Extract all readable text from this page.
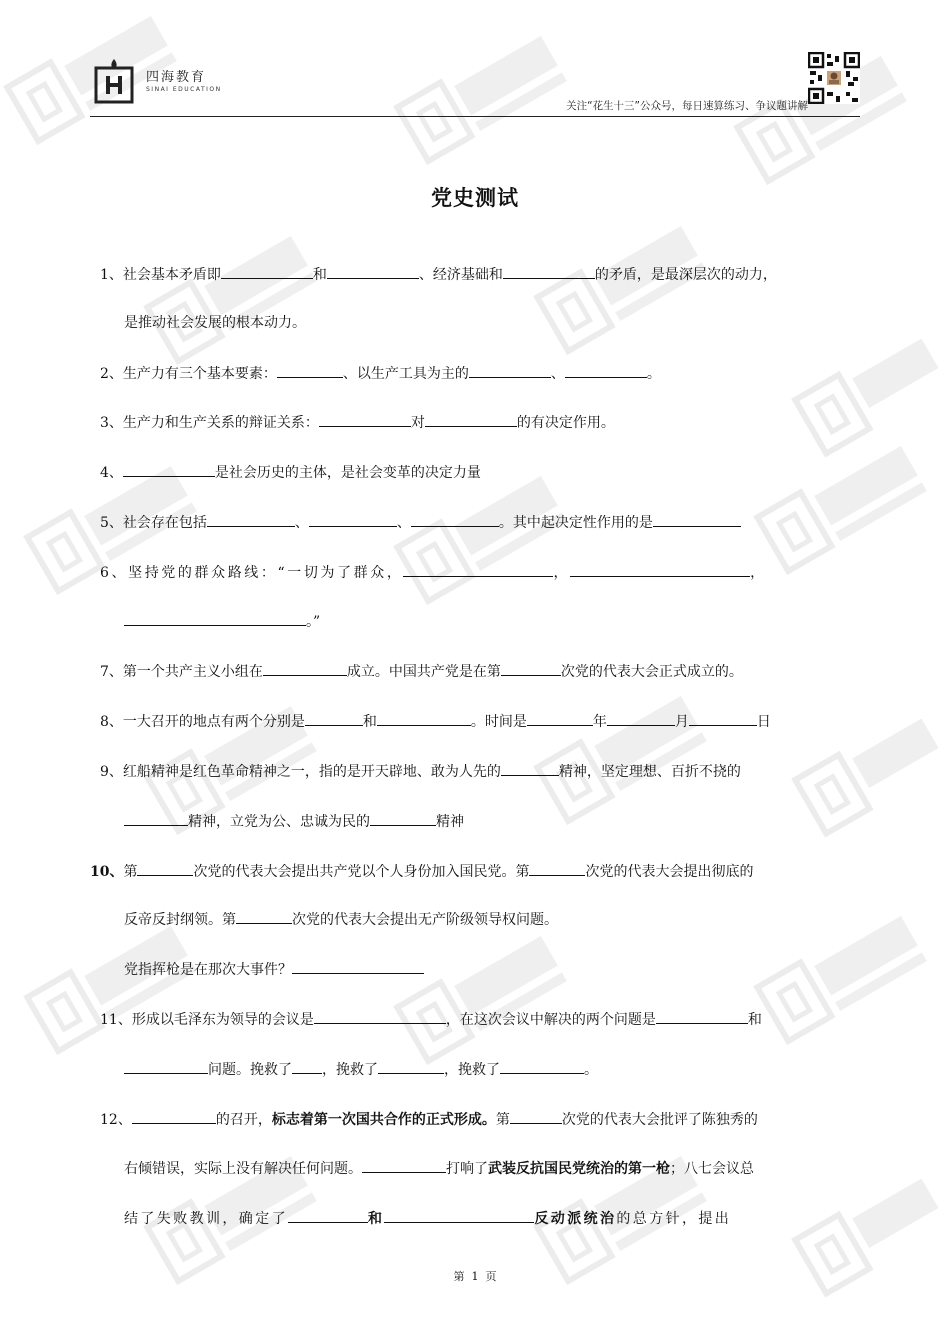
四海教育
SINAI EDUCATION
关注“花生十三”公众号，每日速算练习、争议题讲解
党史测试
1、社会基本矛盾即	和	、经济基础和	的矛盾，是最深层次的动力，
是推动社会发展的根本动力。
2、生产力有三个基本要素：	、以生产工具为主的	、	。
3、生产力和生产关系的辩证关系：	对	的有决定作用。
4、	是社会历史的主体，是社会变革的决定力量
5、社会存在包括	、	、	。其中起决定性作用的是
6、坚持党的群众路线：“一切为了群众，	，	，
。”
7、第一个共产主义小组在	成立。中国共产党是在第	次党的代表大会正式成立的。
8、一大召开的地点有两个分别是	和	。时间是	年	月	日
9、红船精神是红色革命精神之一，指的是开天辟地、敢为人先的	精神，坚定理想、百折不挠的
精神，立党为公、忠诚为民的	精神
10、第	次党的代表大会提出共产党以个人身份加入国民党。第	次党的代表大会提出彻底的
反帝反封纲领。第	次党的代表大会提出无产阶级领导权问题。
党指挥枪是在那次大事件？
11、形成以毛泽东为领导的会议是	，在这次会议中解决的两个问题是	和
问题。挽救了 ，挽救了	，挽救了	。
12、	的召开，标志着第一次国共合作的正式形成。第	次党的代表大会批评了陈独秀的
右倾错误，实际上没有解决任何问题。	打响了武装反抗国民党统治的第一枪；八七会议总
结了失败教训，确定了	和	反动派统治的总方针，提出
第 1 页
